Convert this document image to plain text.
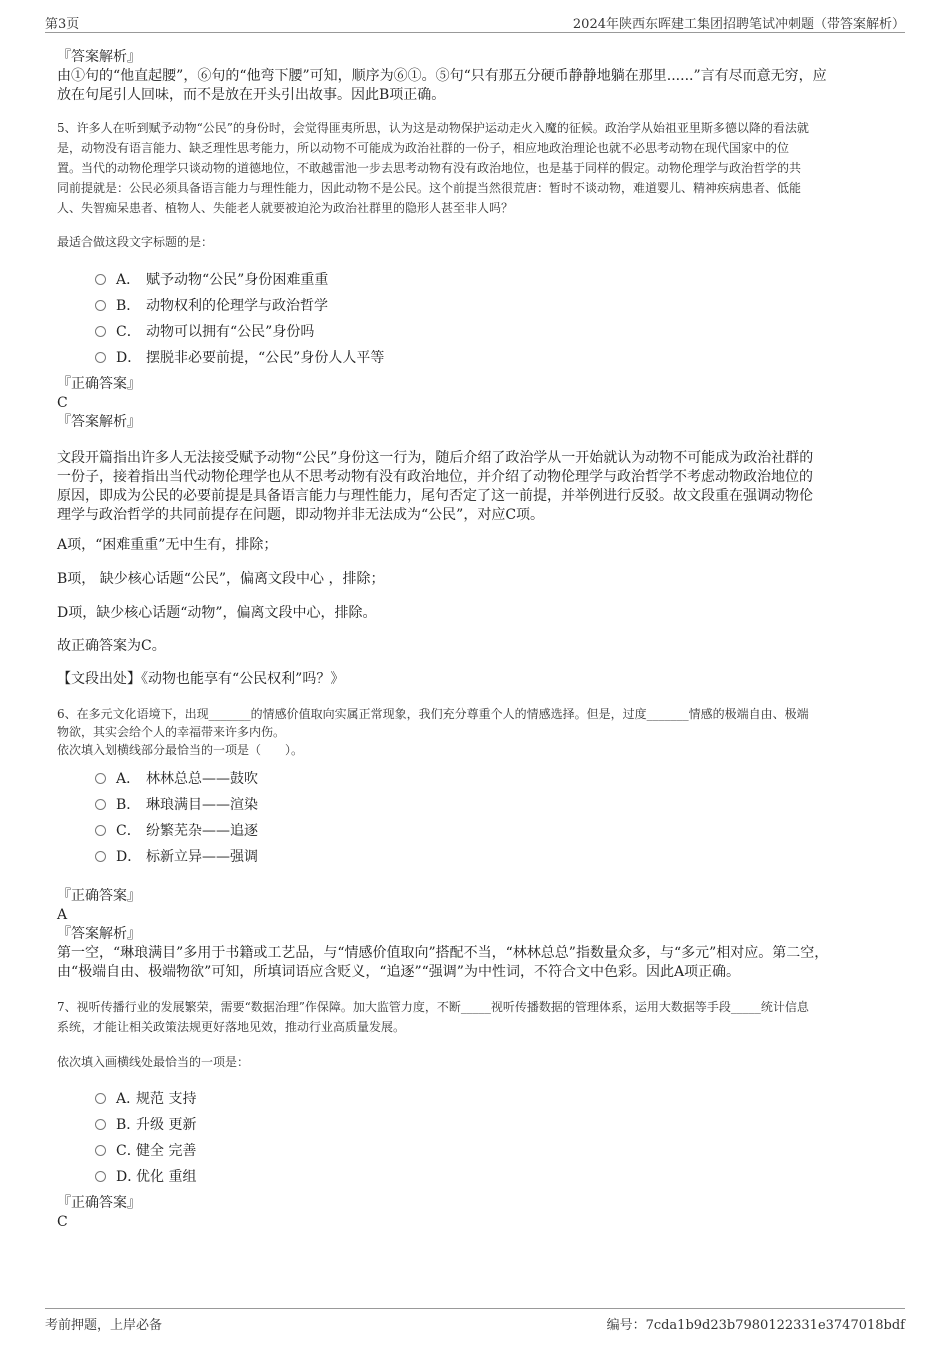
第3页	2024年陕西东晖建工集团招聘笔试冲刺题（带答案解析）

『答案解析』

由①句的“他直起腰”，⑥句的“他弯下腰”可知，顺序为⑥①。⑤句“只有那五分硬币静静地躺在那里......”言有尽而意无穷，应

放在句尾引人回味，而不是放在开头引出故事。因此B项正确。

5、许多人在听到赋予动物“公民”的身份时，会觉得匪夷所思，认为这是动物保护运动走火入魔的征候。政治学从始祖亚里斯多德以降的看法就

是，动物没有语言能力、缺乏理性思考能力，所以动物不可能成为政治社群的一份子，相应地政治理论也就不必思考动物在现代国家中的位

置。当代的动物伦理学只谈动物的道德地位，不敢越雷池一步去思考动物有没有政治地位，也是基于同样的假定。动物伦理学与政治哲学的共

同前提就是：公民必须具备语言能力与理性能力，因此动物不是公民。这个前提当然很荒唐：暂时不谈动物，难道婴儿、精神疾病患者、低能

人、失智痴呆患者、植物人、失能老人就要被迫沦为政治社群里的隐形人甚至非人吗？

最适合做这段文字标题的是：
A． 赋予动物“公民”身份困难重重
B． 动物权利的伦理学与政治哲学
C． 动物可以拥有“公民”身份吗
D． 摆脱非必要前提，“公民”身份人人平等

『正确答案』

C

『答案解析』

文段开篇指出许多人无法接受赋予动物“公民”身份这一行为，随后介绍了政治学从一开始就认为动物不可能成为政治社群的

一份子，接着指出当代动物伦理学也从不思考动物有没有政治地位，并介绍了动物伦理学与政治哲学不考虑动物政治地位的

原因，即成为公民的必要前提是具备语言能力与理性能力，尾句否定了这一前提，并举例进行反驳。故文段重在强调动物伦

理学与政治哲学的共同前提存在问题，即动物并非无法成为“公民”，对应C项。

A项，“困难重重”无中生有，排除；
B项， 缺少核心话题“公民”，偏离文段中心 ，排除；
D项，缺少核心话题“动物”，偏离文段中心，排除。
故正确答案为C。
【文段出处】《动物也能享有“公民权利”吗？》

6、在多元文化语境下，出现_______的情感价值取向实属正常现象，我们充分尊重个人的情感选择。但是，过度_______情感的极端自由、极端

物欲，其实会给个人的幸福带来许多内伤。

依次填入划横线部分最恰当的一项是（　　）。

A． 林林总总——鼓吹
B． 琳琅满目——渲染
C． 纷繁芜杂——追逐
D． 标新立异——强调

『正确答案』

A

『答案解析』

第一空，“琳琅满目”多用于书籍或工艺品，与“情感价值取向”搭配不当，“林林总总”指数量众多，与“多元”相对应。第二空，

由“极端自由、极端物欲”可知，所填词语应含贬义，“追逐”“强调”为中性词，不符合文中色彩。因此A项正确。

7、视听传播行业的发展繁荣，需要“数据治理”作保障。加大监管力度，不断_____视听传播数据的管理体系，运用大数据等手段_____统计信息

系统，才能让相关政策法规更好落地见效，推动行业高质量发展。

依次填入画横线处最恰当的一项是：
A．规范 支持
B．升级 更新
C．健全 完善
D．优化 重组

『正确答案』

C

考前押题，上岸必备	编号：7cda1b9d23b7980122331e3747018bdf
